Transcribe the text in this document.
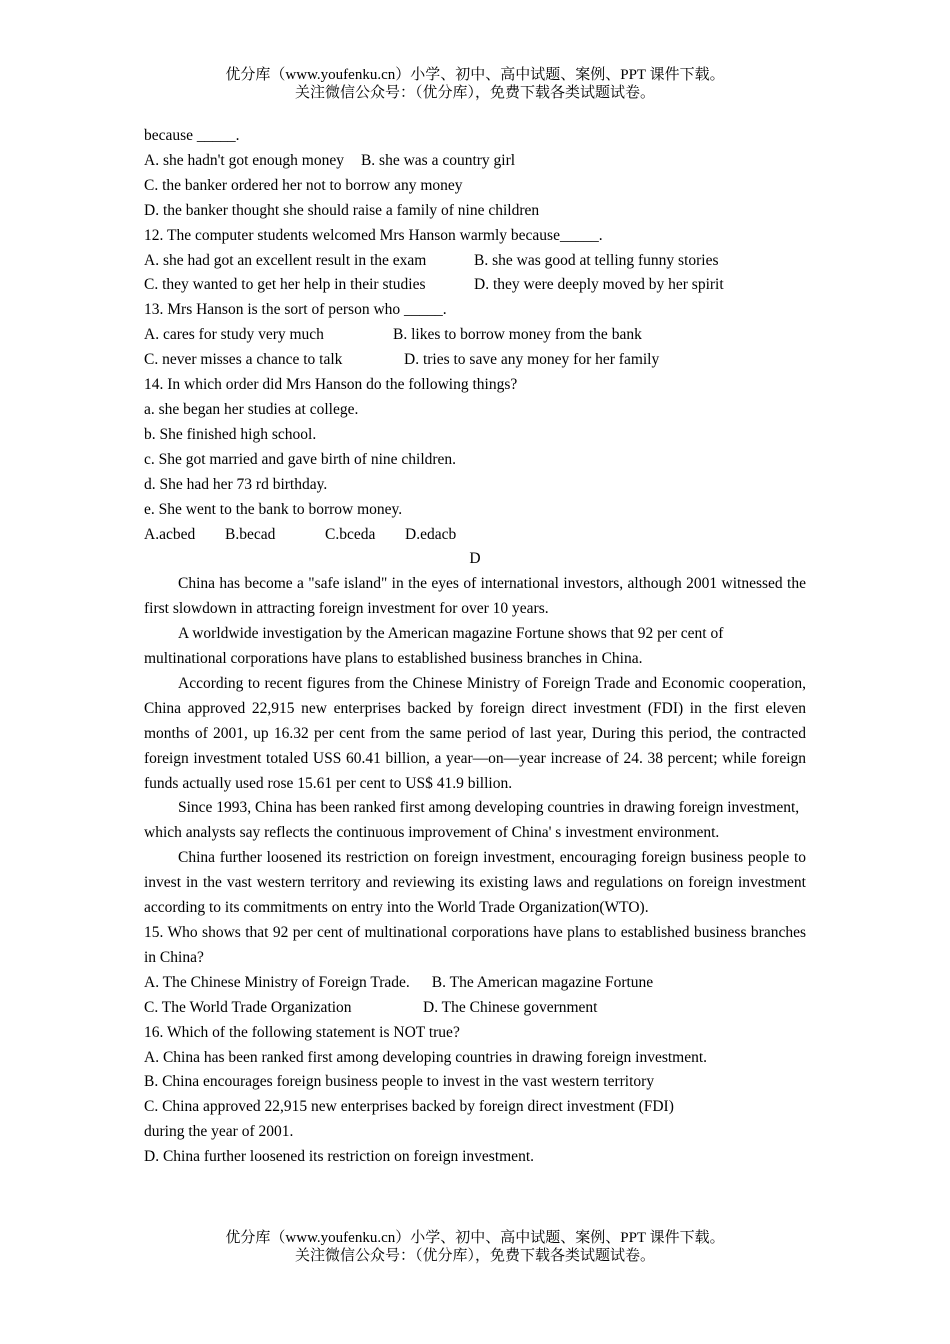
优分库（www.youfenku.cn）小学、初中、高中试题、案例、PPT 课件下载。
关注微信公众号：（优分库），免费下载各类试题试卷。
because _____.
A. she hadn't got enough money B. she was a country girl
C. the banker ordered her not to borrow any money
D. the banker thought she should raise a family of nine children
12. The computer students welcomed Mrs Hanson warmly because_____.
A. she had got an excellent result in the exam	B. she was good at telling funny stories
C. they wanted to get her help in their studies	D. they were deeply moved by her spirit
13. Mrs Hanson is the sort of person who _____.
A. cares for study very much	B. likes to borrow money from the bank
C. never misses a chance to talk	D. tries to save any money for her family
14. In which order did Mrs Hanson do the following things?
a. she began her studies at college.
b. She finished high school.
c. She got married and gave birth of nine children.
d. She had her 73 rd birthday.
e. She went to the bank to borrow money.
A.acbed B.becad	C.bceda D.edacb
D
China has become a "safe island" in the eyes of international investors, although 2001 witnessed the first slowdown in attracting foreign investment for over 10 years.
A worldwide investigation by the American magazine Fortune shows that 92 per cent of multinational corporations have plans to established business branches in China.
According to recent figures from the Chinese Ministry of Foreign Trade and Economic cooperation, China approved 22,915 new enterprises backed by foreign direct investment (FDI) in the first eleven months of 2001, up 16.32 per cent from the same period of last year, During this period, the contracted foreign investment totaled USS 60.41 billion, a year—on—year increase of 24. 38 percent; while foreign funds actually used rose 15.61 per cent to US$ 41.9 billion.
Since 1993, China has been ranked first among developing countries in drawing foreign investment, which analysts say reflects the continuous improvement of China' s investment environment.
China further loosened its restriction on foreign investment, encouraging foreign business people to invest in the vast western territory and reviewing its existing laws and regulations on foreign investment according to its commitments on entry into the World Trade Organization(WTO).
15. Who shows that 92 per cent of multinational corporations have plans to established business branches in China?
A. The Chinese Ministry of Foreign Trade. B. The American magazine Fortune
C. The World Trade Organization	D. The Chinese government
16. Which of the following statement is NOT true?
A. China has been ranked first among developing countries in drawing foreign investment.
B. China encourages foreign business people to invest in the vast western territory
C. China approved 22,915 new enterprises backed by foreign direct investment (FDI)
during the year of 2001.
D. China further loosened its restriction on foreign investment.
优分库（www.youfenku.cn）小学、初中、高中试题、案例、PPT 课件下载。
关注微信公众号：（优分库），免费下载各类试题试卷。
